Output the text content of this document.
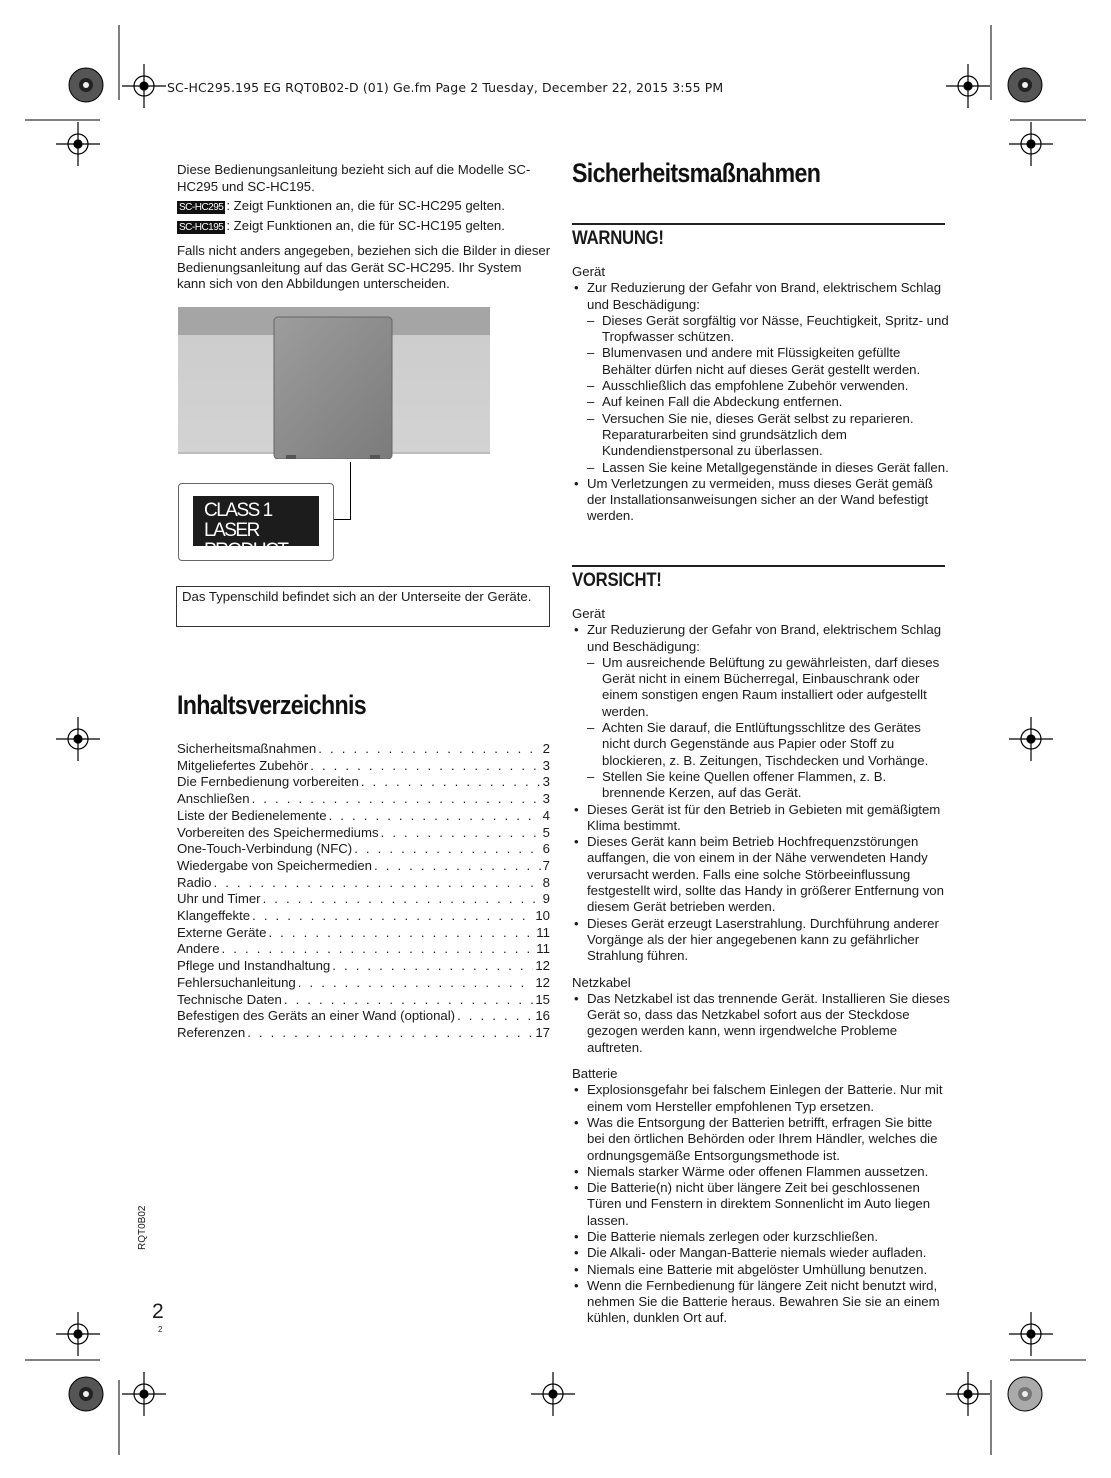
SC-HC295.195 EG RQT0B02-D (01) Ge.fm Page 2 Tuesday, December 22, 2015 3:55 PM

Diese Bedienungsanleitung bezieht sich auf die Modelle SC-HC295 und SC-HC195.

SC-HC295 : Zeigt Funktionen an, die für SC-HC295 gelten.
SC-HC195 : Zeigt Funktionen an, die für SC-HC195 gelten.

Falls nicht anders angegeben, beziehen sich die Bilder in dieser Bedienungsanleitung auf das Gerät SC-HC295. Ihr System kann sich von den Abbildungen unterscheiden.

CLASS 1
LASER PRODUCT
Das Typenschild befindet sich an der Unterseite der Geräte.
Inhaltsverzeichnis
Sicherheitsmaßnahmen . . .	2
Mitgeliefertes Zubehör . . .	3
Die Fernbedienung vorbereiten . . .	3
Anschließen . . .	3
Liste der Bedienelemente . . .	4
Vorbereiten des Speichermediums . . .	5
One-Touch-Verbindung (NFC) . . .	6
Wiedergabe von Speichermedien . . .	7
Radio . . .	8
Uhr und Timer . . .	9
Klangeffekte . . .	10
Externe Geräte . . .	11
Andere . . .	11
Pflege und Instandhaltung . . .	12
Fehlersuchanleitung . . .	12
Technische Daten . . .	15
Befestigen des Geräts an einer Wand (optional) . . .	16
Referenzen . . .	17
Sicherheitsmaßnahmen
WARNUNG!

Gerät

• Zur Reduzierung der Gefahr von Brand, elektrischem Schlag und Beschädigung:
– Dieses Gerät sorgfältig vor Nässe, Feuchtigkeit, Spritz- und Tropfwasser schützen.
– Blumenvasen und andere mit Flüssigkeiten gefüllte Behälter dürfen nicht auf dieses Gerät gestellt werden.
– Ausschließlich das empfohlene Zubehör verwenden.
– Auf keinen Fall die Abdeckung entfernen.
– Versuchen Sie nie, dieses Gerät selbst zu reparieren. Reparaturarbeiten sind grundsätzlich dem Kundendienstpersonal zu überlassen.
– Lassen Sie keine Metallgegenstände in dieses Gerät fallen.
• Um Verletzungen zu vermeiden, muss dieses Gerät gemäß der Installationsanweisungen sicher an der Wand befestigt werden.
VORSICHT!

Gerät

• Zur Reduzierung der Gefahr von Brand, elektrischem Schlag und Beschädigung:
– Um ausreichende Belüftung zu gewährleisten, darf dieses Gerät nicht in einem Bücherregal, Einbauschrank oder einem sonstigen engen Raum installiert oder aufgestellt werden.
– Achten Sie darauf, die Entlüftungsschlitze des Gerätes nicht durch Gegenstände aus Papier oder Stoff zu blockieren, z. B. Zeitungen, Tischdecken und Vorhänge.
– Stellen Sie keine Quellen offener Flammen, z. B. brennende Kerzen, auf das Gerät.
• Dieses Gerät ist für den Betrieb in Gebieten mit gemäßigtem Klima bestimmt.
• Dieses Gerät kann beim Betrieb Hochfrequenzstörungen auffangen, die von einem in der Nähe verwendeten Handy verursacht werden. Falls eine solche Störbeeinflussung festgestellt wird, sollte das Handy in größerer Entfernung von diesem Gerät betrieben werden.
• Dieses Gerät erzeugt Laserstrahlung. Durchführung anderer Vorgänge als der hier angegebenen kann zu gefährlicher Strahlung führen.

Netzkabel

• Das Netzkabel ist das trennende Gerät. Installieren Sie dieses Gerät so, dass das Netzkabel sofort aus der Steckdose gezogen werden kann, wenn irgendwelche Probleme auftreten.

Batterie

• Explosionsgefahr bei falschem Einlegen der Batterie. Nur mit einem vom Hersteller empfohlenen Typ ersetzen.
• Was die Entsorgung der Batterien betrifft, erfragen Sie bitte bei den örtlichen Behörden oder Ihrem Händler, welches die ordnungsgemäße Entsorgungsmethode ist.
• Niemals starker Wärme oder offenen Flammen aussetzen.
• Die Batterie(n) nicht über längere Zeit bei geschlossenen Türen und Fenstern in direktem Sonnenlicht im Auto liegen lassen.
• Die Batterie niemals zerlegen oder kurzschließen.
• Die Alkali- oder Mangan-Batterie niemals wieder aufladen.
• Niemals eine Batterie mit abgelöster Umhüllung benutzen.
• Wenn die Fernbedienung für längere Zeit nicht benutzt wird, nehmen Sie die Batterie heraus. Bewahren Sie sie an einem kühlen, dunklen Ort auf.
RQT0B02
2
2
